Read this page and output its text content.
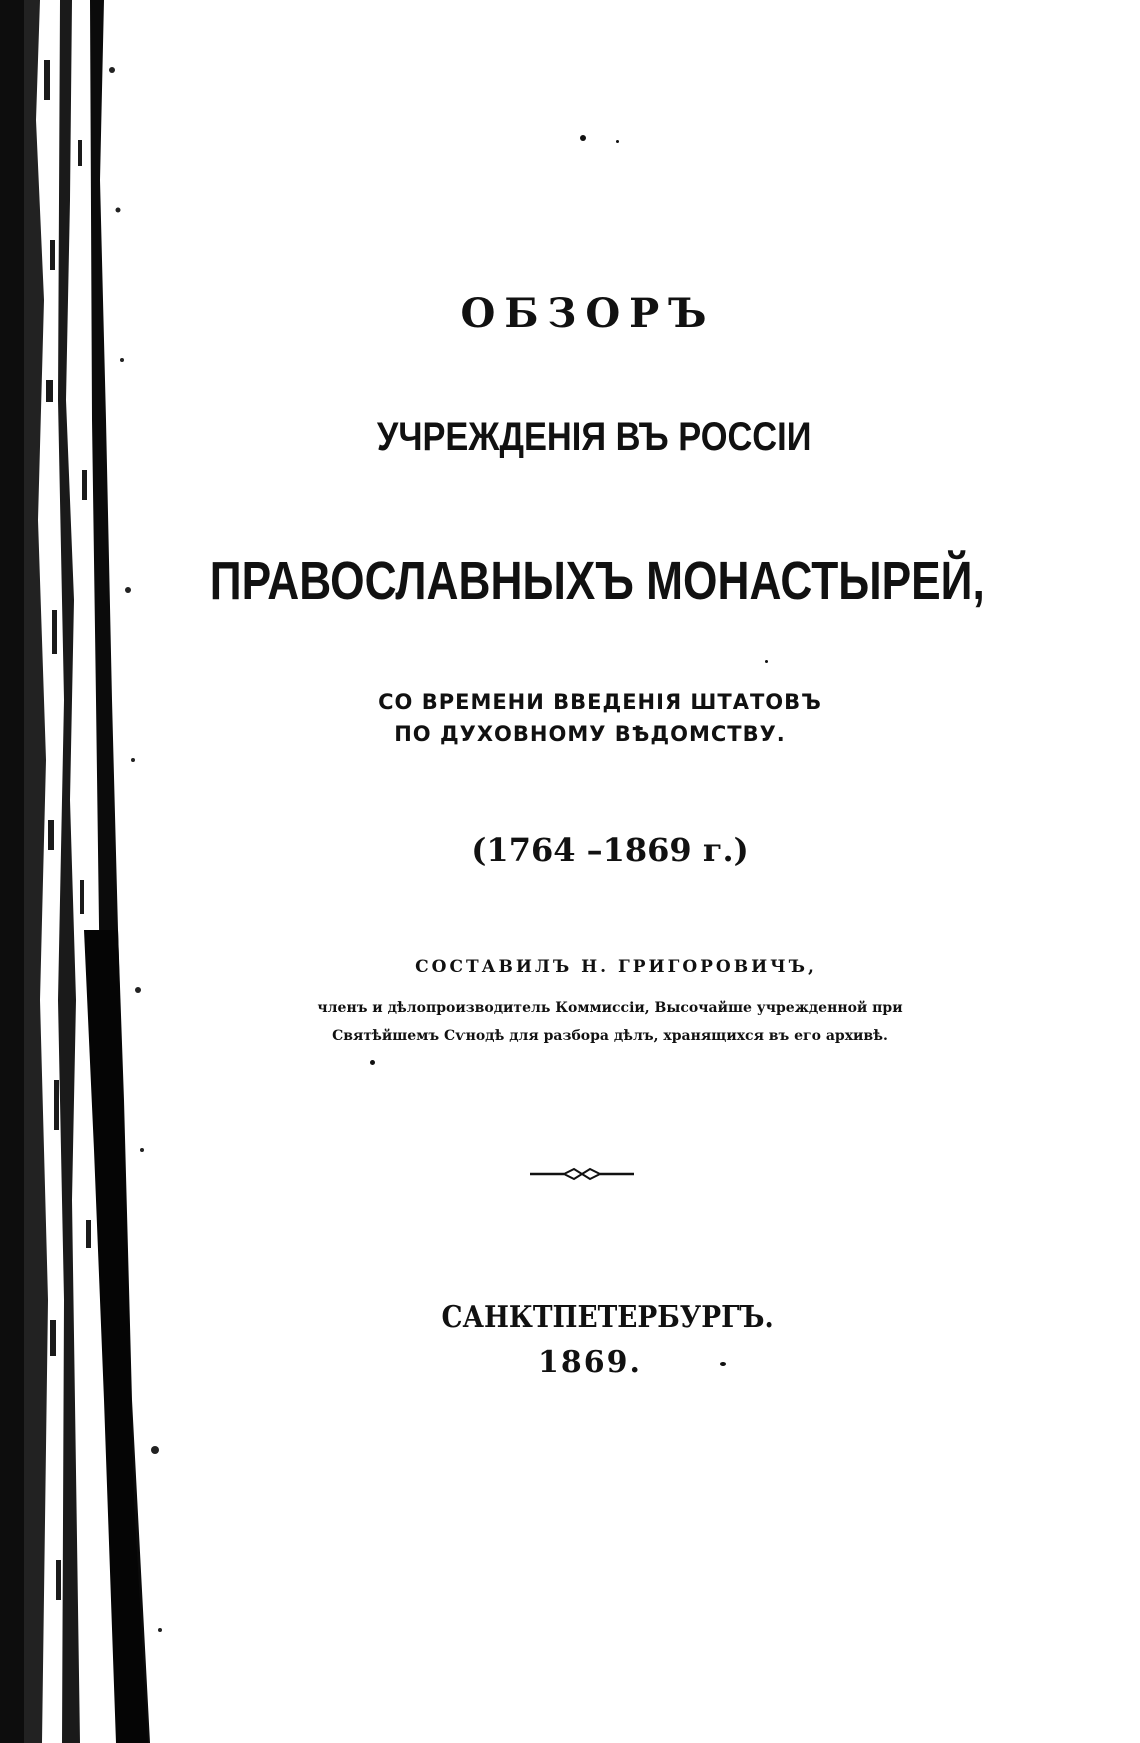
ОБЗОРЪ
УЧРЕЖДЕНІЯ ВЪ РОССІИ
ПРАВОСЛАВНЫХЪ МОНАСТЫРЕЙ,
СО ВРЕМЕНИ ВВЕДЕНІЯ ШТАТОВЪ
ПО ДУХОВНОМУ ВѢДОМСТВУ.
(1764 –1869 г.)
СОСТАВИЛЪ Н. ГРИГОРОВИЧЪ,
членъ и дѣлопроизводитель Коммиссіи, Высочайше учрежденной при
Святѣйшемъ Сѵнодѣ для разбора дѣлъ, хранящихся въ его архивѣ.
САНКТПЕТЕРБУРГЪ.
1869.
